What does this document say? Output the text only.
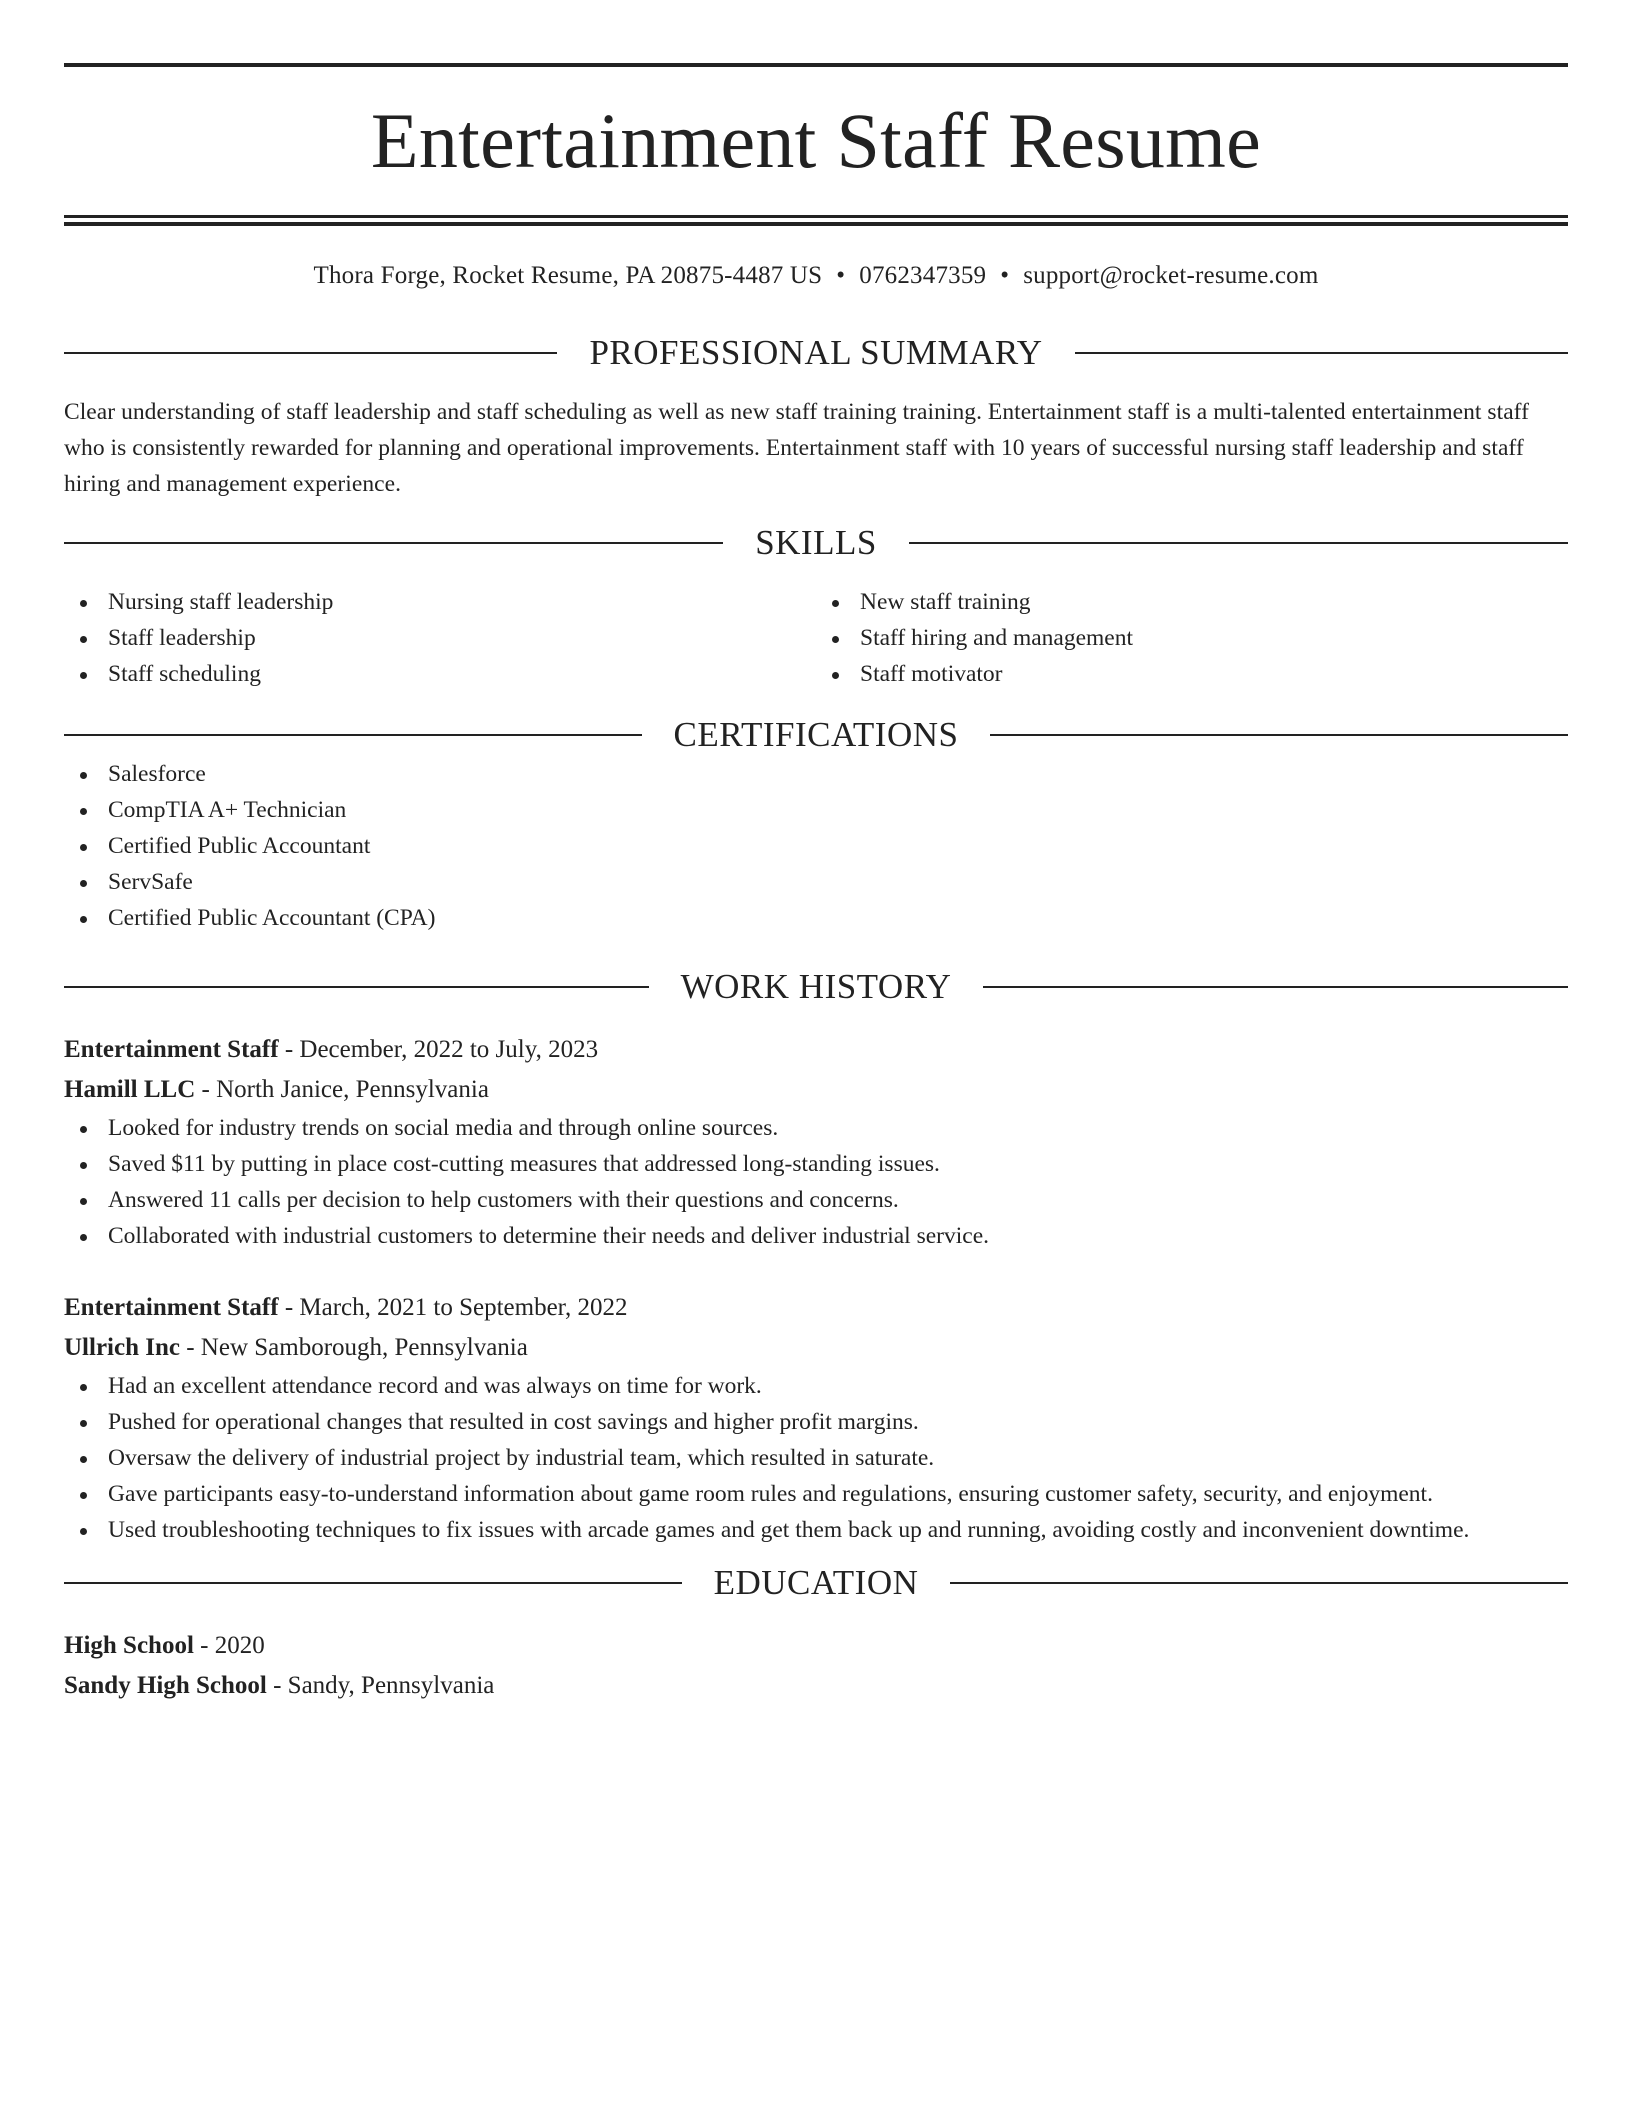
Entertainment Staff Resume
Thora Forge, Rocket Resume, PA 20875-4487 US • 0762347359 • support@rocket-resume.com
PROFESSIONAL SUMMARY

Clear understanding of staff leadership and staff scheduling as well as new staff training training. Entertainment staff is a multi-talented entertainment staff who is consistently rewarded for planning and operational improvements. Entertainment staff with 10 years of successful nursing staff leadership and staff hiring and management experience.

SKILLS
Nursing staff leadership
Staff leadership
Staff scheduling
New staff training
Staff hiring and management
Staff motivator
CERTIFICATIONS
Salesforce
CompTIA A+ Technician
Certified Public Accountant
ServSafe
Certified Public Accountant (CPA)
WORK HISTORY
Entertainment Staff - December, 2022 to July, 2023
Hamill LLC - North Janice, Pennsylvania
Looked for industry trends on social media and through online sources.
Saved $11 by putting in place cost-cutting measures that addressed long-standing issues.
Answered 11 calls per decision to help customers with their questions and concerns.
Collaborated with industrial customers to determine their needs and deliver industrial service.
Entertainment Staff - March, 2021 to September, 2022
Ullrich Inc - New Samborough, Pennsylvania
Had an excellent attendance record and was always on time for work.
Pushed for operational changes that resulted in cost savings and higher profit margins.
Oversaw the delivery of industrial project by industrial team, which resulted in saturate.
Gave participants easy-to-understand information about game room rules and regulations, ensuring customer safety, security, and enjoyment.
Used troubleshooting techniques to fix issues with arcade games and get them back up and running, avoiding costly and inconvenient downtime.
EDUCATION
High School - 2020
Sandy High School - Sandy, Pennsylvania
